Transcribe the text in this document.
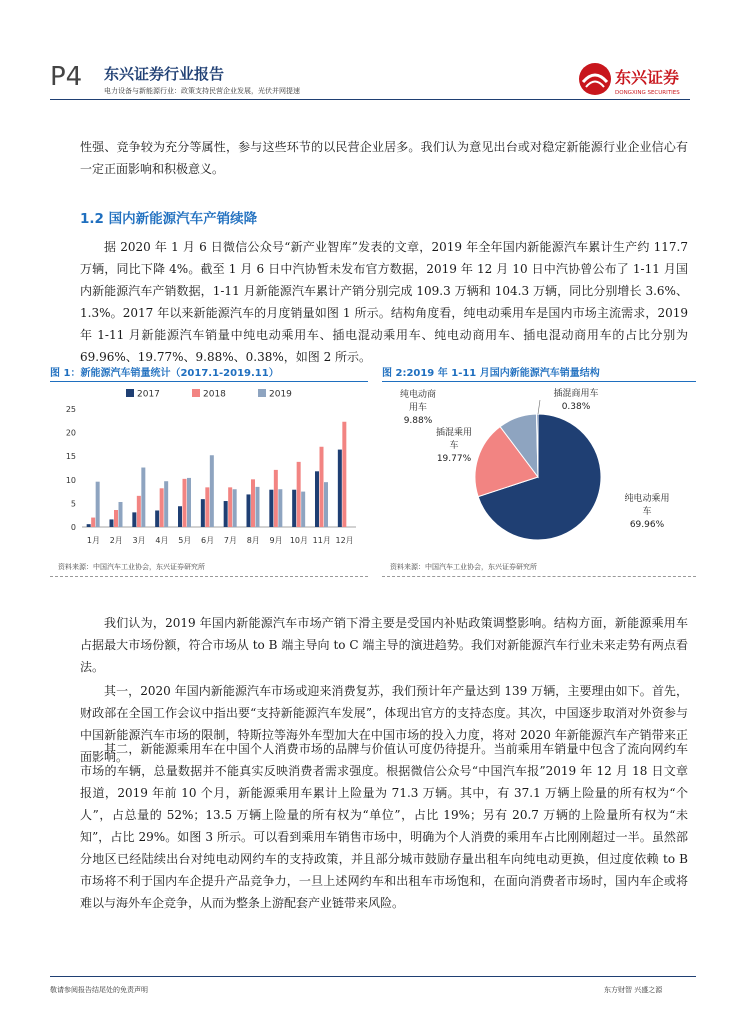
P4 东兴证券行业报告
电力设备与新能源行业：政策支持民营企业发展，光伏并网提速
东兴证券
DONGXING SECURITIES

性强、竞争较为充分等属性，参与这些环节的以民营企业居多。我们认为意见出台或对稳定新能源行业企业信心有一定正面影响和积极意义。

1.2 国内新能源汽车产销续降

据 2020 年 1 月 6 日微信公众号“新产业智库”发表的文章，2019 年全年国内新能源汽车累计生产约 117.7 万辆，同比下降 4%。截至 1 月 6 日中汽协暂未发布官方数据，2019 年 12 月 10 日中汽协曾公布了 1-11 月国内新能源汽车产销数据，1-11 月新能源汽车累计产销分别完成 109.3 万辆和 104.3 万辆，同比分别增长 3.6%、1.3%。2017 年以来新能源汽车的月度销量如图 1 所示。结构角度看，纯电动乘用车是国内市场主流需求，2019 年 1-11 月新能源汽车销量中纯电动乘用车、插电混动乘用车、纯电动商用车、插电混动商用车的占比分别为 69.96%、19.77%、9.88%、0.38%，如图 2 所示。

图 1：新能源汽车销量统计（2017.1-2019.11）
0
5
10
15
20
25
1月 2月 3月 4月 5月 6月 7月 8月 9月 10月 11月 12月
2017	2018	2019
资料来源：中国汽车工业协会，东兴证券研究所
图 2:2019 年 1-11 月国内新能源汽车销量结构
纯电动商
用车
9.88%
插混商用车
0.38%
插混乘用
车
19.77%
纯电动乘用
车
69.96%
资料来源：中国汽车工业协会，东兴证券研究所

我们认为，2019 年国内新能源汽车市场产销下滑主要是受国内补贴政策调整影响。结构方面，新能源乘用车占据最大市场份额，符合市场从 to B 端主导向 to C 端主导的演进趋势。我们对新能源汽车行业未来走势有两点看法。

其一，2020 年国内新能源汽车市场或迎来消费复苏，我们预计年产量达到 139 万辆，主要理由如下。首先，财政部在全国工作会议中指出要“支持新能源汽车发展”，体现出官方的支持态度。其次，中国逐步取消对外资参与中国新能源汽车市场的限制，特斯拉等海外车型加大在中国市场的投入力度，将对 2020 年新能源汽车产销带来正面影响。

其二，新能源乘用车在中国个人消费市场的品牌与价值认可度仍待提升。当前乘用车销量中包含了流向网约车市场的车辆，总量数据并不能真实反映消费者需求强度。根据微信公众号“中国汽车报”2019 年 12 月 18 日文章报道，2019 年前 10 个月，新能源乘用车累计上险量为 71.3 万辆。其中，有 37.1 万辆上险量的所有权为“个人”，占总量的 52%；13.5 万辆上险量的所有权为“单位”，占比 19%；另有 20.7 万辆的上险量所有权为“未知”，占比 29%。如图 3 所示。可以看到乘用车销售市场中，明确为个人消费的乘用车占比刚刚超过一半。虽然部分地区已经陆续出台对纯电动网约车的支持政策，并且部分城市鼓励存量出租车向纯电动更换，但过度依赖 to B 市场将不利于国内车企提升产品竞争力，一旦上述网约车和出租车市场饱和，在面向消费者市场时，国内车企或将难以与海外车企竞争，从而为整条上游配套产业链带来风险。

敬请参阅报告结尾处的免责声明	东方财智 兴盛之源
